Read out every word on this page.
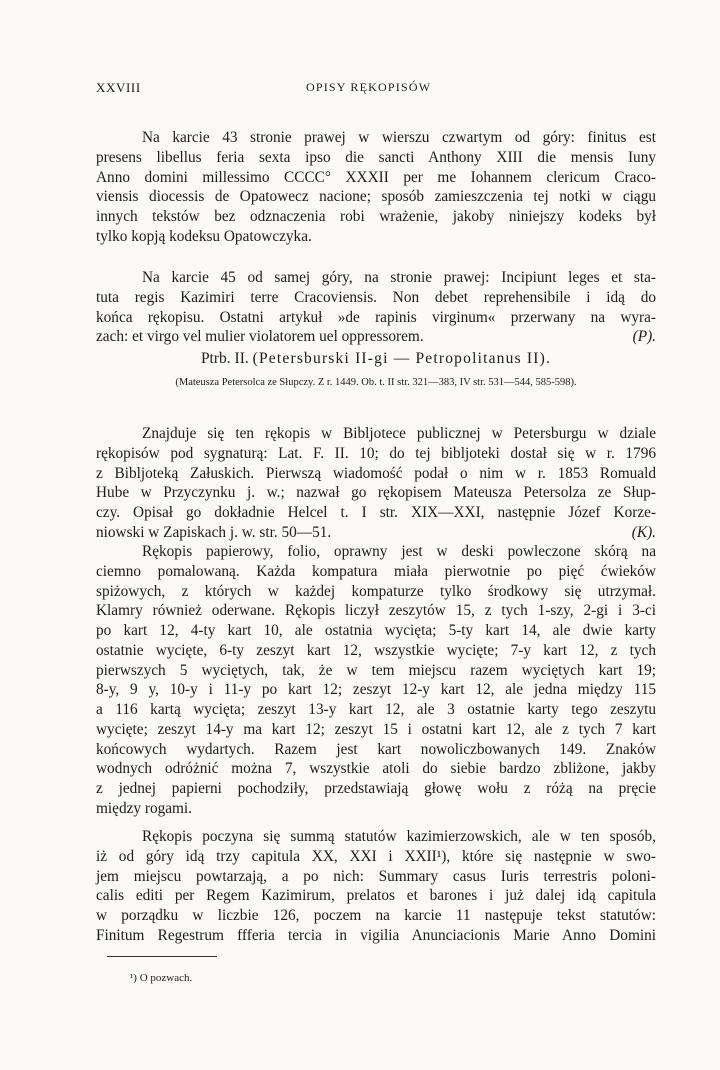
XXVIII	OPISY RĘKOPISÓW
Na karcie 43 stronie prawej w wierszu czwartym od góry: finitus est
presens libellus feria sexta ipso die sancti Anthony XIII die mensis Iuny
Anno domini millessimo CCCC° XXXII per me Iohannem clericum Craco-
viensis diocessis de Opatowecz nacione; sposób zamieszczenia tej notki w ciągu
innych tekstów bez odznaczenia robi wrażenie, jakoby niniejszy kodeks był
tylko kopją kodeksu Opatowczyka.
Na karcie 45 od samej góry, na stronie prawej: Incipiunt leges et sta-
tuta regis Kazimiri terre Cracoviensis. Non debet reprehensibile i idą do
końca rękopisu. Ostatni artykuł »de rapinis virginum« przerwany na wyra-
zach: et virgo vel mulier violatorem uel oppressorem.	(P).
Ptrb. II. (Petersburski II-gi — Petropolitanus II).
(Mateusza Petersolca ze Słupczy. Z r. 1449. Ob. t. II str. 321—383, IV str. 531—544, 585-598).
Znajduje się ten rękopis w Bibljotece publicznej w Petersburgu w dziale
rękopisów pod sygnaturą: Lat. F. II. 10; do tej bibljoteki dostał się w r. 1796
z Bibljoteką Załuskich. Pierwszą wiadomość podał o nim w r. 1853 Romuald
Hube w Przyczynku j. w.; nazwał go rękopisem Mateusza Petersolza ze Słup-
czy. Opisał go dokładnie Helcel t. I str. XIX—XXI, następnie Józef Korze-
niowski w Zapiskach j. w. str. 50—51.	(K).
Rękopis papierowy, folio, oprawny jest w deski powleczone skórą na
ciemno pomalowaną. Każda kompatura miała pierwotnie po pięć ćwieków
spiżowych, z których w każdej kompaturze tylko środkowy się utrzymał.
Klamry również oderwane. Rękopis liczył zeszytów 15, z tych 1-szy, 2-gi i 3-ci
po kart 12, 4-ty kart 10, ale ostatnia wycięta; 5-ty kart 14, ale dwie karty
ostatnie wycięte, 6-ty zeszyt kart 12, wszystkie wycięte; 7-y kart 12, z tych
pierwszych 5 wyciętych, tak, że w tem miejscu razem wyciętych kart 19;
8-y, 9 y, 10-y i 11-y po kart 12; zeszyt 12-y kart 12, ale jedna między 115
a 116 kartą wycięta; zeszyt 13-y kart 12, ale 3 ostatnie karty tego zeszytu
wycięte; zeszyt 14-y ma kart 12; zeszyt 15 i ostatni kart 12, ale z tych 7 kart
końcowych wydartych. Razem jest kart nowoliczbowanych 149. Znaków
wodnych odróżnić można 7, wszystkie atoli do siebie bardzo zbliżone, jakby
z jednej papierni pochodziły, przedstawiają głowę wołu z różą na pręcie
między rogami.
Rękopis poczyna się summą statutów kazimierzowskich, ale w ten sposób,
iż od góry idą trzy capitula XX, XXI i XXII¹), które się następnie w swo-
jem miejscu powtarzają, a po nich: Summary casus Iuris terrestris poloni-
calis editi per Regem Kazimirum, prelatos et barones i już dalej idą capitula
w porządku w liczbie 126, poczem na karcie 11 następuje tekst statutów:
Finitum Regestrum ffferia tercia in vigilia Anunciacionis Marie Anno Domini
¹) O pozwach.
